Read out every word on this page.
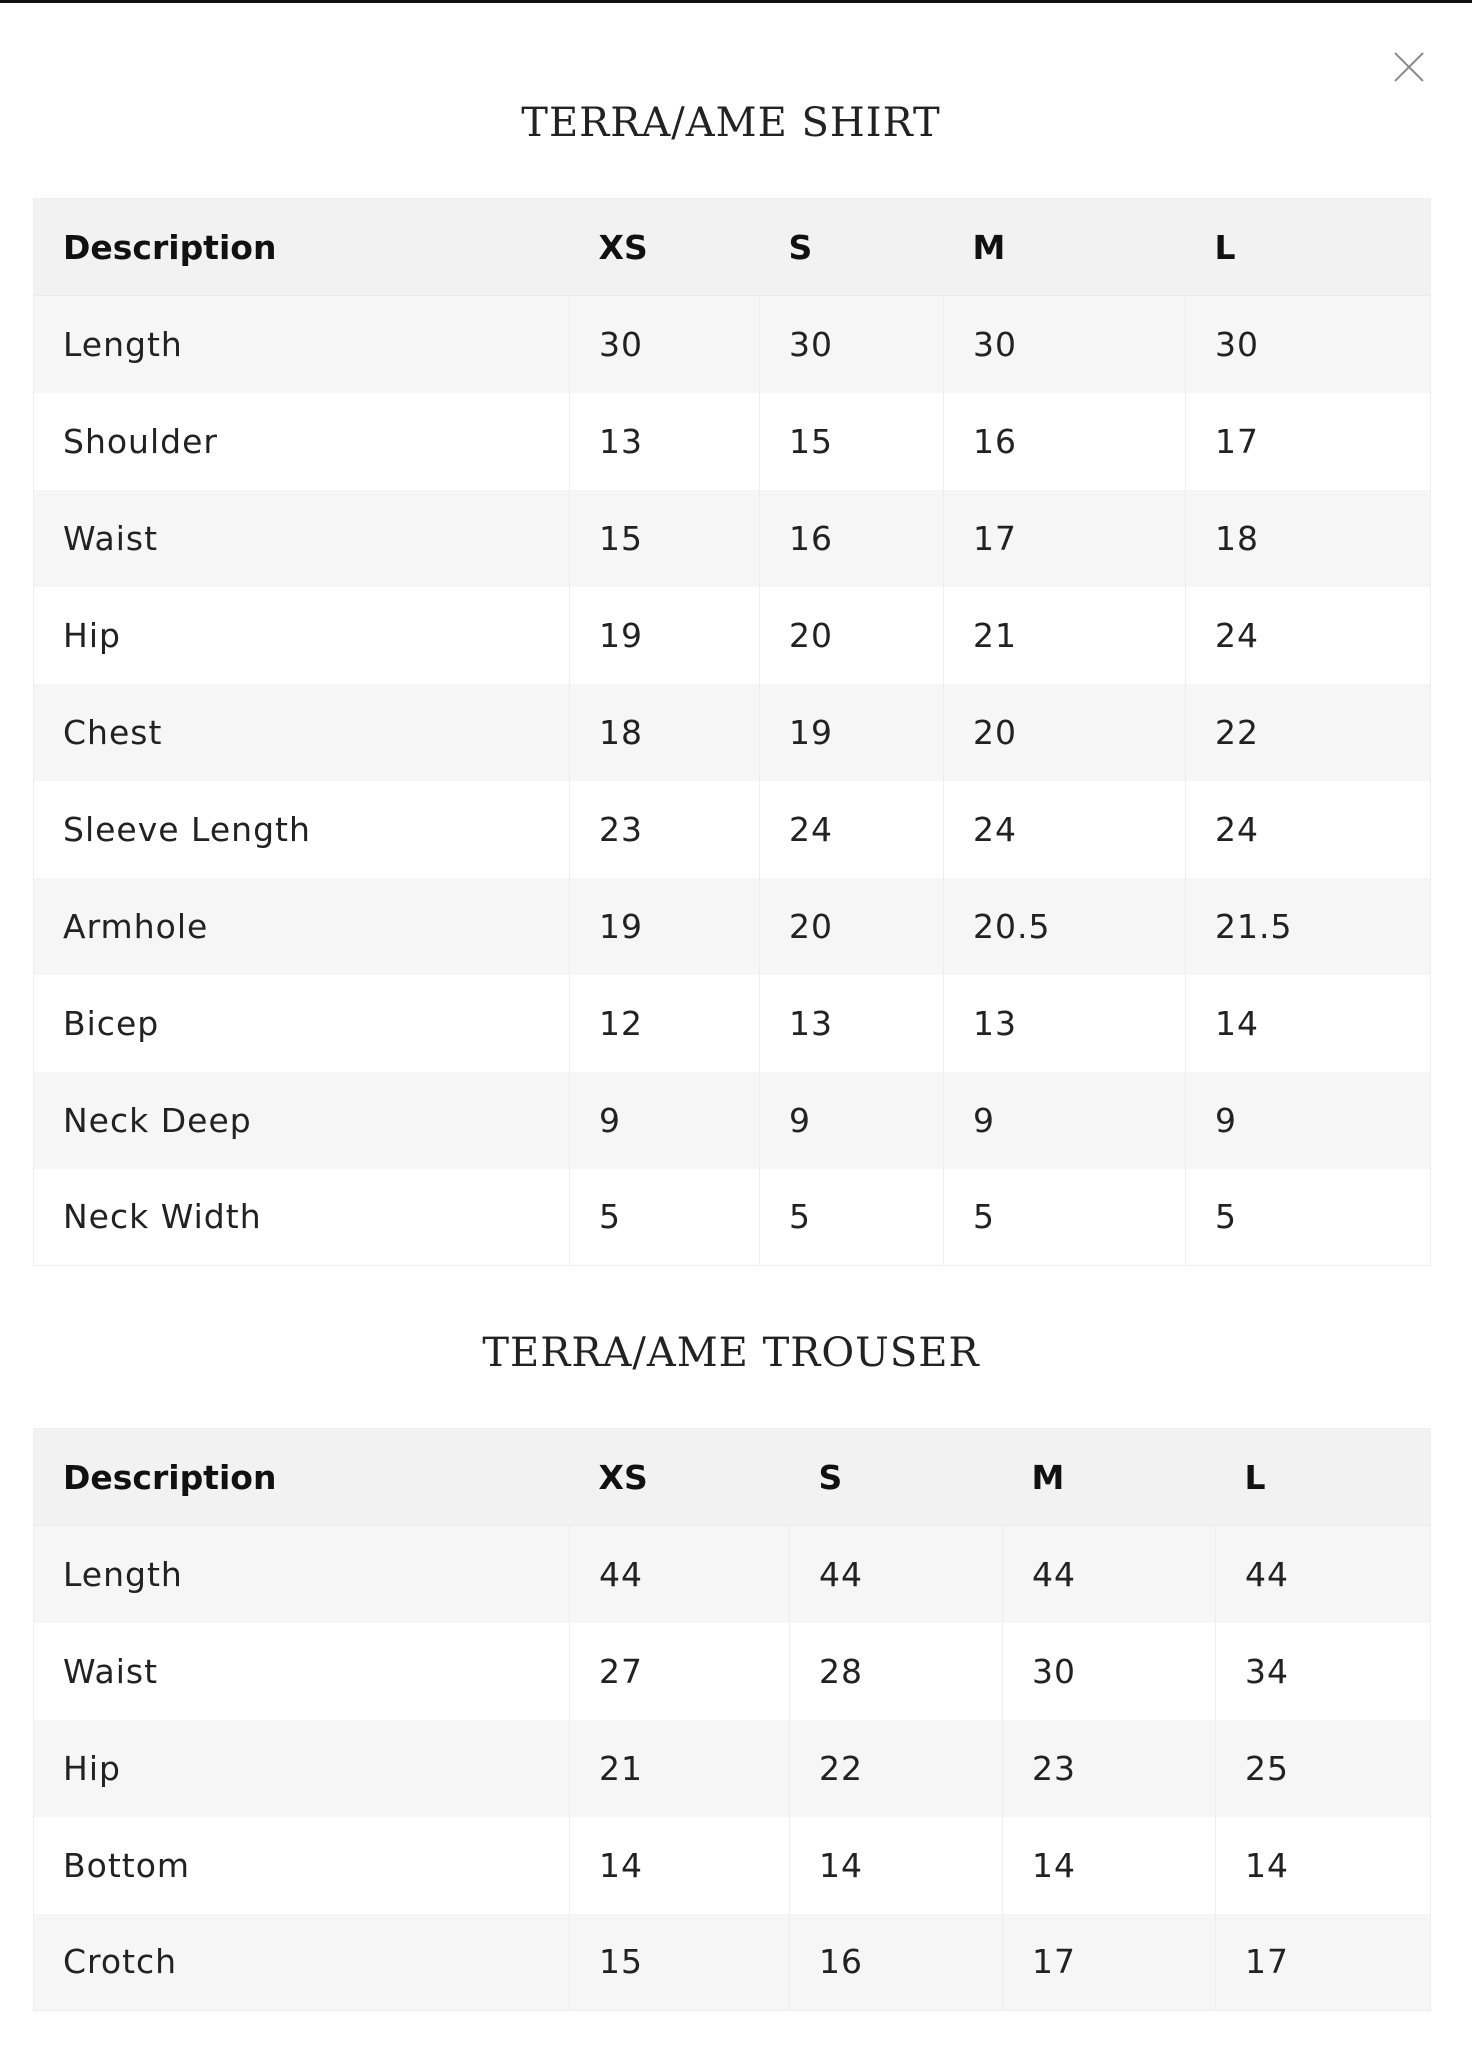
TERRA/AME SHIRT
Description	XS	S	M	L
Length	30	30	30	30
Shoulder	13	15	16	17
Waist	15	16	17	18
Hip	19	20	21	24
Chest	18	19	20	22
Sleeve Length	23	24	24	24
Armhole	19	20	20.5	21.5
Bicep	12	13	13	14
Neck Deep	9	9	9	9
Neck Width	5	5	5	5
TERRA/AME TROUSER
Description	XS	S	M	L
Length	44	44	44	44
Waist	27	28	30	34
Hip	21	22	23	25
Bottom	14	14	14	14
Crotch	15	16	17	17
